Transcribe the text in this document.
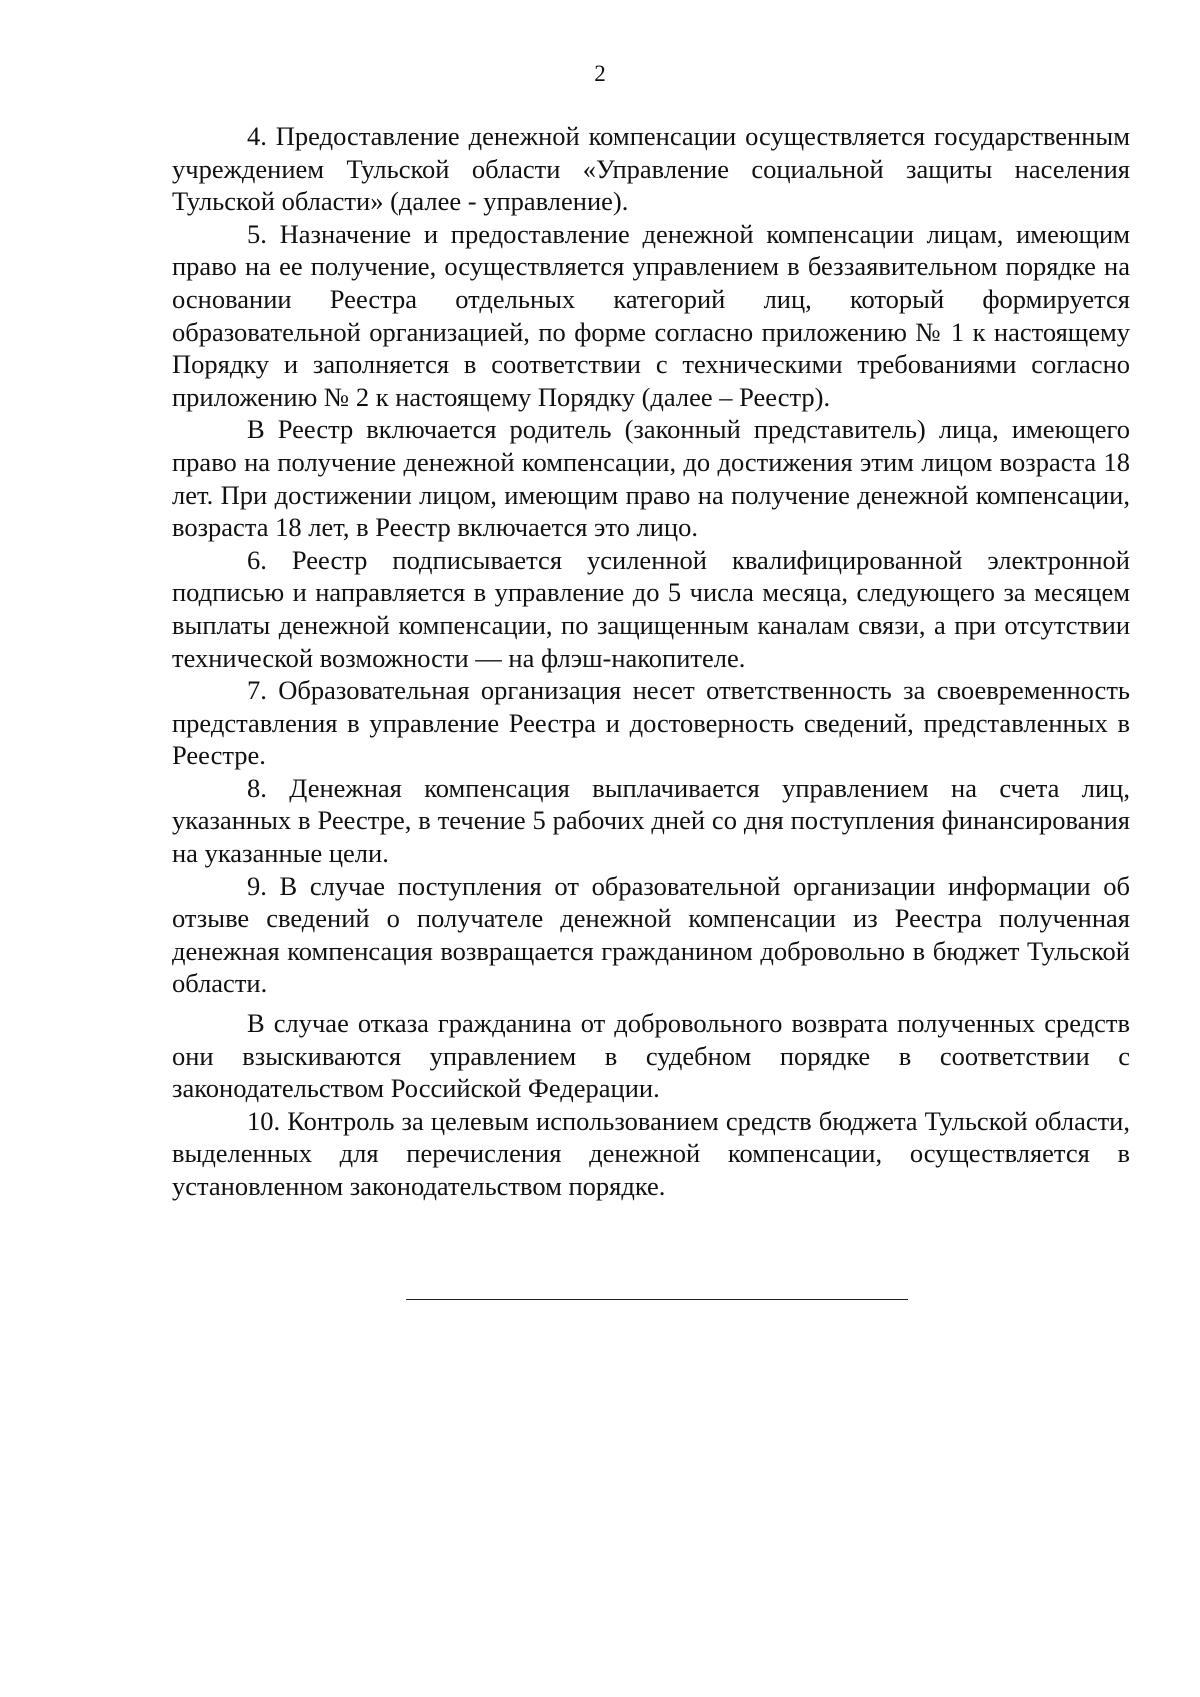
2

4. Предоставление денежной компенсации осуществляется государственным учреждением Тульской области «Управление социальной защиты населения Тульской области» (далее - управление).

5. Назначение и предоставление денежной компенсации лицам, имеющим право на ее получение, осуществляется управлением в беззаявительном порядке на основании Реестра отдельных категорий лиц, который формируется образовательной организацией, по форме согласно приложению № 1 к настоящему Порядку и заполняется в соответствии с техническими требованиями согласно приложению № 2 к настоящему Порядку (далее – Реестр).

В Реестр включается родитель (законный представитель) лица, имеющего право на получение денежной компенсации, до достижения этим лицом возраста 18 лет. При достижении лицом, имеющим право на получение денежной компенсации, возраста 18 лет, в Реестр включается это лицо.

6. Реестр подписывается усиленной квалифицированной электронной подписью и направляется в управление до 5 числа месяца, следующего за месяцем выплаты денежной компенсации, по защищенным каналам связи, а при отсутствии технической возможности — на флэш-накопителе.

7. Образовательная организация несет ответственность за своевременность представления в управление Реестра и достоверность сведений, представленных в Реестре.

8. Денежная компенсация выплачивается управлением на счета лиц, указанных в Реестре, в течение 5 рабочих дней со дня поступления финансирования на указанные цели.

9. В случае поступления от образовательной организации информации об отзыве сведений о получателе денежной компенсации из Реестра полученная денежная компенсация возвращается гражданином добровольно в бюджет Тульской области.

В случае отказа гражданина от добровольного возврата полученных средств они взыскиваются управлением в судебном порядке в соответствии с законодательством Российской Федерации.

10. Контроль за целевым использованием средств бюджета Тульской области, выделенных для перечисления денежной компенсации, осуществляется в установленном законодательством порядке.
